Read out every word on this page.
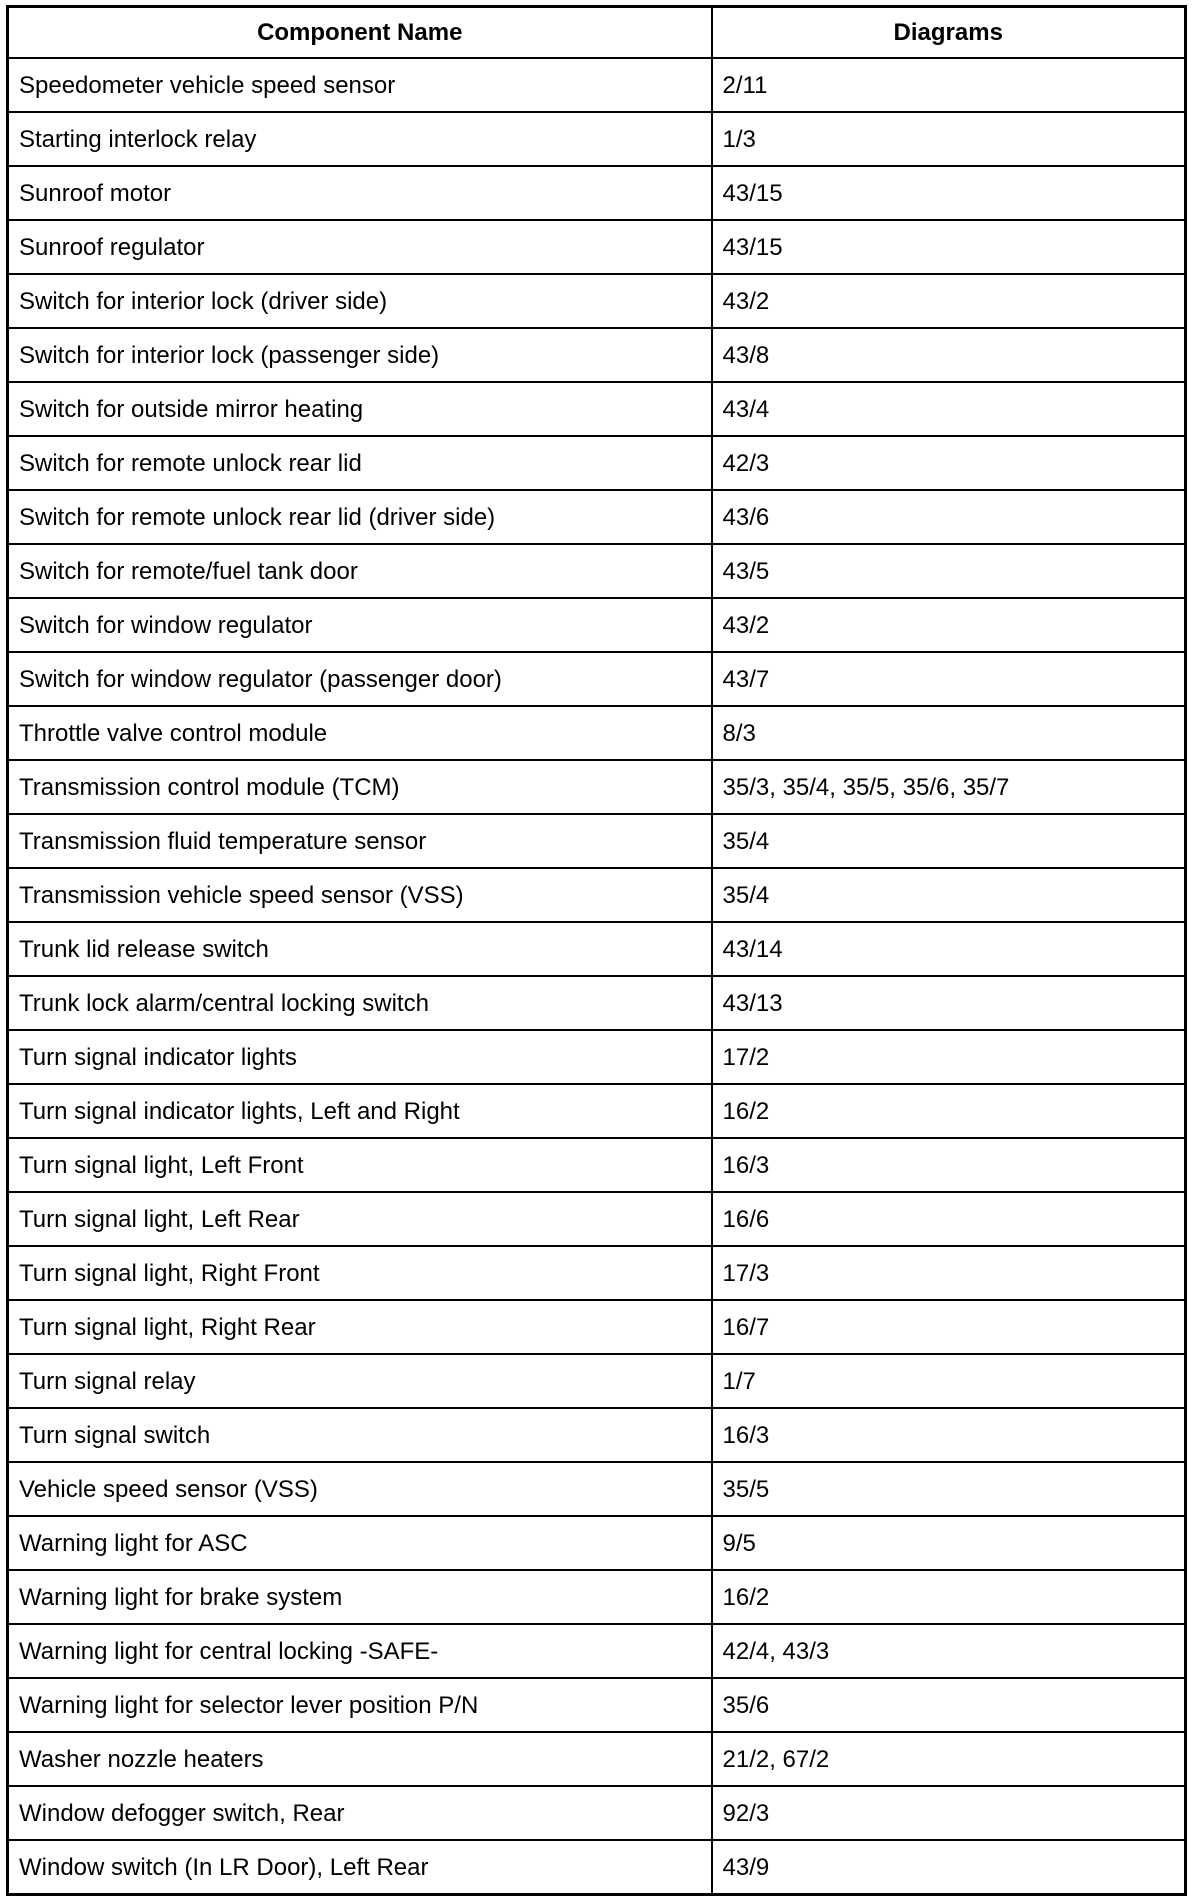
Component Name	Diagrams
Speedometer vehicle speed sensor	2/11
Starting interlock relay	1/3
Sunroof motor	43/15
Sunroof regulator	43/15
Switch for interior lock (driver side)	43/2
Switch for interior lock (passenger side)	43/8
Switch for outside mirror heating	43/4
Switch for remote unlock rear lid	42/3
Switch for remote unlock rear lid (driver side)	43/6
Switch for remote/fuel tank door	43/5
Switch for window regulator	43/2
Switch for window regulator (passenger door)	43/7
Throttle valve control module	8/3
Transmission control module (TCM)	35/3, 35/4, 35/5, 35/6, 35/7
Transmission fluid temperature sensor	35/4
Transmission vehicle speed sensor (VSS)	35/4
Trunk lid release switch	43/14
Trunk lock alarm/central locking switch	43/13
Turn signal indicator lights	17/2
Turn signal indicator lights, Left and Right	16/2
Turn signal light, Left Front	16/3
Turn signal light, Left Rear	16/6
Turn signal light, Right Front	17/3
Turn signal light, Right Rear	16/7
Turn signal relay	1/7
Turn signal switch	16/3
Vehicle speed sensor (VSS)	35/5
Warning light for ASC	9/5
Warning light for brake system	16/2
Warning light for central locking -SAFE-	42/4, 43/3
Warning light for selector lever position P/N	35/6
Washer nozzle heaters	21/2, 67/2
Window defogger switch, Rear	92/3
Window switch (In LR Door), Left Rear	43/9
